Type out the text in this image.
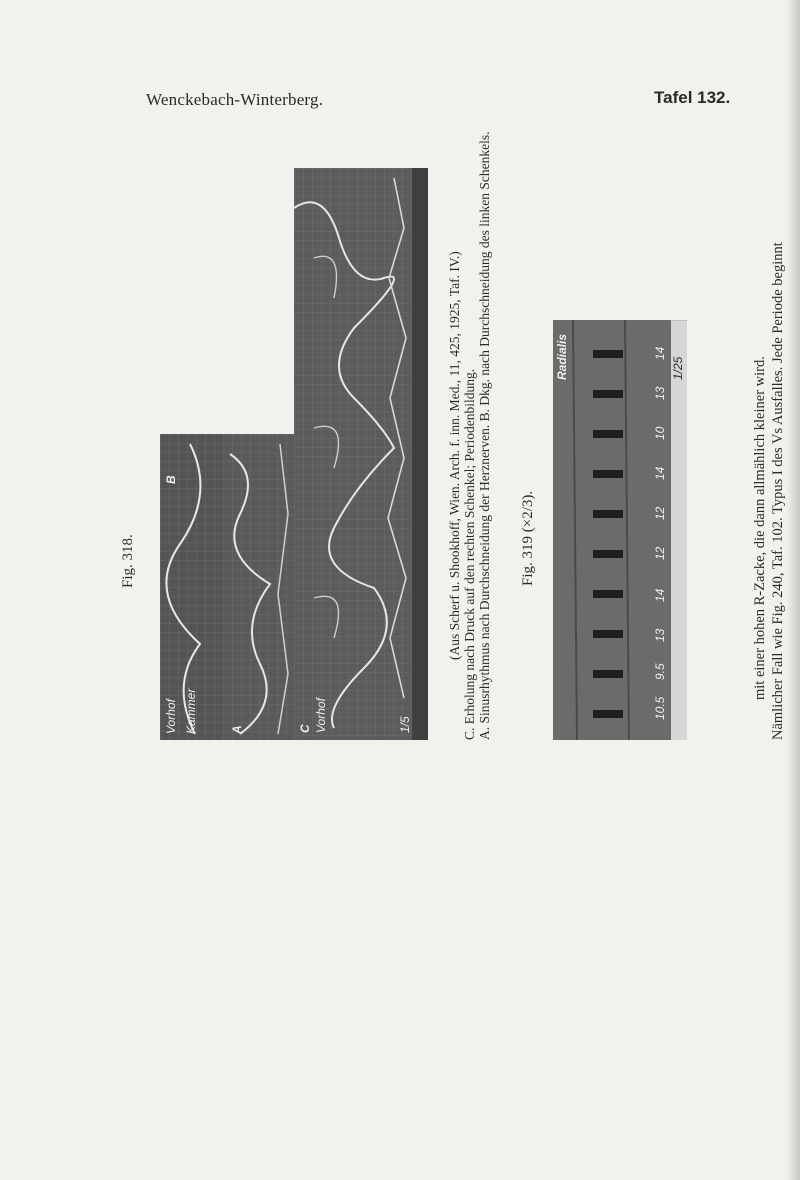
Wenckebach-Winterberg.	Tafel 132.
Fig. 318.
Vorhof
C	1/5
A
B
Vorhof Kammer	A. Sinusrhythmus nach Durchschneidung der Herznerven. B. Dkg. nach Durchschneidung des linken Schenkels.
C. Erholung nach Druck auf den rechten Schenkel; Periodenbildung.
(Aus Scherf u. Shookhoff, Wien. Arch. f. inn. Med., 11, 425, 1925, Taf. IV.)	Fig. 319 (×2/3).
Radialis	1/25
10.5
9.5
13
14
12
12
14
10
13
14	Nämlicher Fall wie Fig. 240, Taf. 102. Typus I des Vs Ausfalles. Jede Periode beginnt
mit einer hohen R-Zacke, die dann allmählich kleiner wird.
